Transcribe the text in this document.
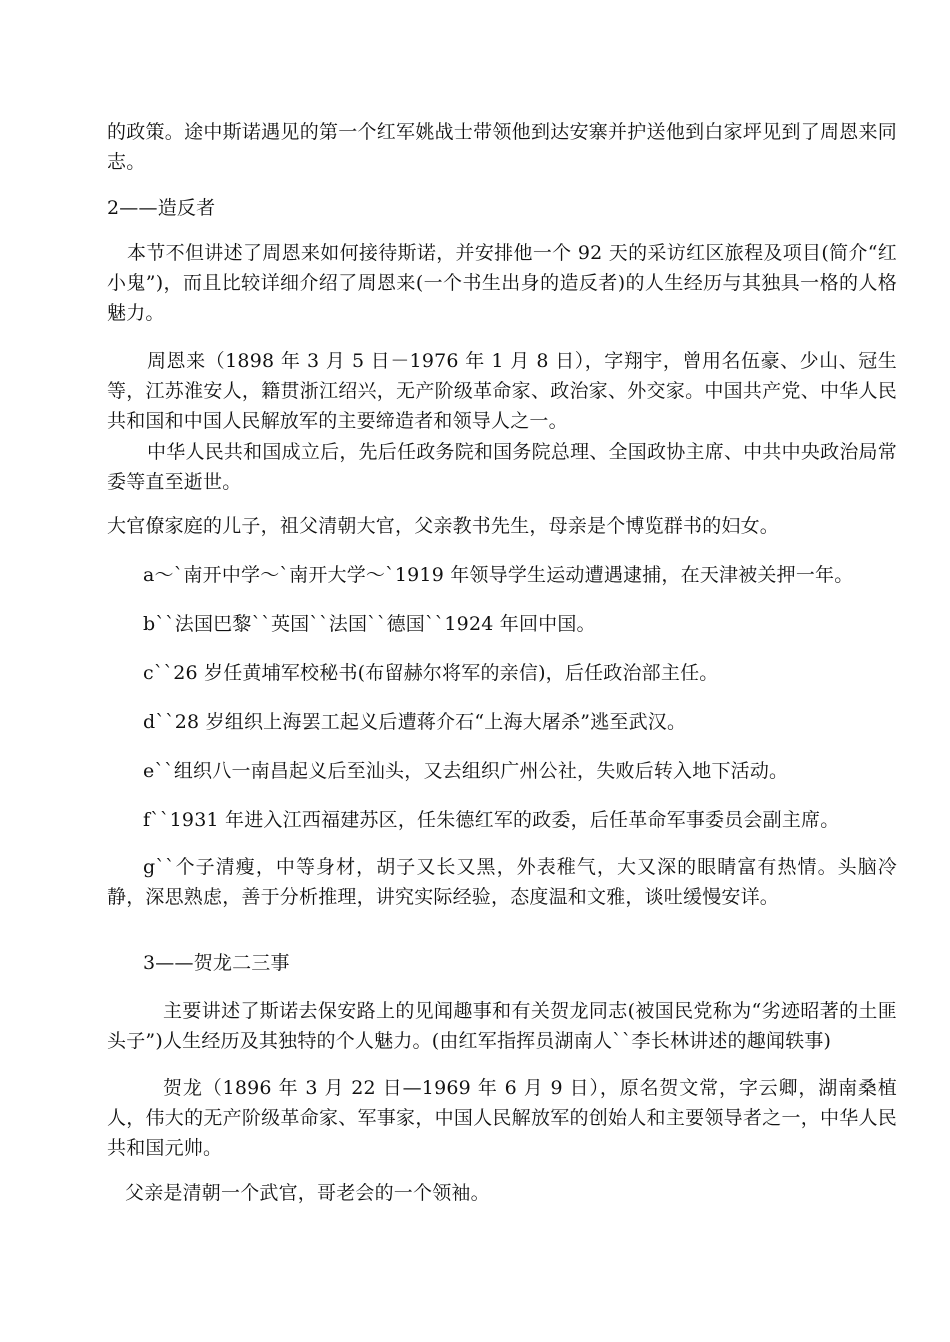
的政策。途中斯诺遇见的第一个红军姚战士带领他到达安寨并护送他到白家坪见到了周恩来同志。

2——造反者

本节不但讲述了周恩来如何接待斯诺，并安排他一个 92 天的采访红区旅程及项目(简介“红小鬼”)，而且比较详细介绍了周恩来(一个书生出身的造反者)的人生经历与其独具一格的人格魅力。

周恩来（1898 年 3 月 5 日－1976 年 1 月 8 日），字翔宇，曾用名伍豪、少山、冠生等，江苏淮安人，籍贯浙江绍兴，无产阶级革命家、政治家、外交家。中国共产党、中华人民共和国和中国人民解放军的主要缔造者和领导人之一。

中华人民共和国成立后，先后任政务院和国务院总理、全国政协主席、中共中央政治局常委等直至逝世。

大官僚家庭的儿子，祖父清朝大官，父亲教书先生，母亲是个博览群书的妇女。

a～`南开中学～`南开大学～`1919 年领导学生运动遭遇逮捕，在天津被关押一年。

b``法国巴黎``英国``法国``德国``1924 年回中国。

c``26 岁任黄埔军校秘书(布留赫尔将军的亲信)，后任政治部主任。

d``28 岁组织上海罢工起义后遭蒋介石“上海大屠杀”逃至武汉。

e``组织八一南昌起义后至汕头，又去组织广州公社，失败后转入地下活动。

f``1931 年进入江西福建苏区，任朱德红军的政委，后任革命军事委员会副主席。

g``个子清瘦，中等身材，胡子又长又黑，外表稚气，大又深的眼睛富有热情。头脑冷静，深思熟虑，善于分析推理，讲究实际经验，态度温和文雅，谈吐缓慢安详。

3——贺龙二三事

主要讲述了斯诺去保安路上的见闻趣事和有关贺龙同志(被国民党称为“劣迹昭著的土匪头子”)人生经历及其独特的个人魅力。(由红军指挥员湖南人``李长林讲述的趣闻轶事)

贺龙（1896 年 3 月 22 日—1969 年 6 月 9 日），原名贺文常，字云卿，湖南桑植人，伟大的无产阶级革命家、军事家，中国人民解放军的创始人和主要领导者之一，中华人民共和国元帅。

父亲是清朝一个武官，哥老会的一个领袖。
